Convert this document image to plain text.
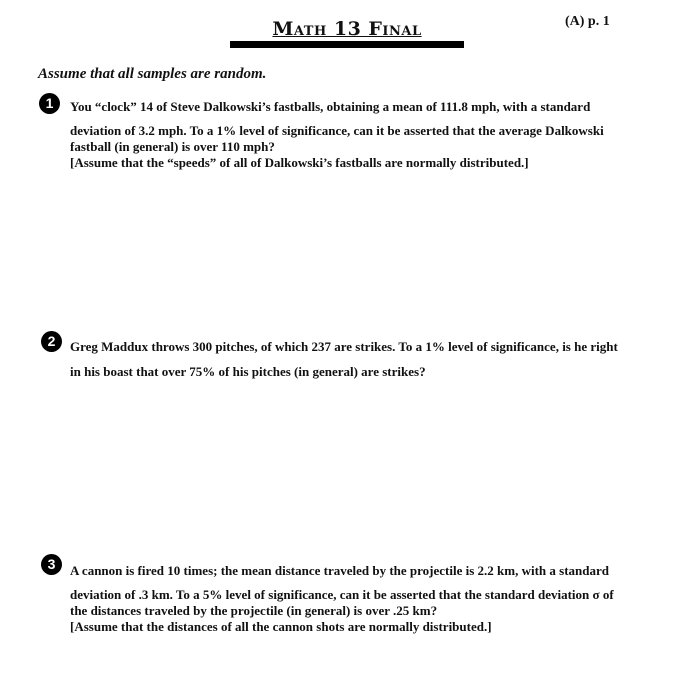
Math 13 Final	(A) p. 1
Assume that all samples are random.
1	You “clock” 14 of Steve Dalkowski’s fastballs, obtaining a mean of 111.8 mph, with a standard
deviation of 3.2 mph. To a 1% level of significance, can it be asserted that the average Dalkowski
fastball (in general) is over 110 mph?
[Assume that the “speeds” of all of Dalkowski’s fastballs are normally distributed.]
2	Greg Maddux throws 300 pitches, of which 237 are strikes. To a 1% level of significance, is he right
in his boast that over 75% of his pitches (in general) are strikes?
3	A cannon is fired 10 times; the mean distance traveled by the projectile is 2.2 km, with a standard
deviation of .3 km. To a 5% level of significance, can it be asserted that the standard deviation σ of
the distances traveled by the projectile (in general) is over .25 km?
[Assume that the distances of all the cannon shots are normally distributed.]
